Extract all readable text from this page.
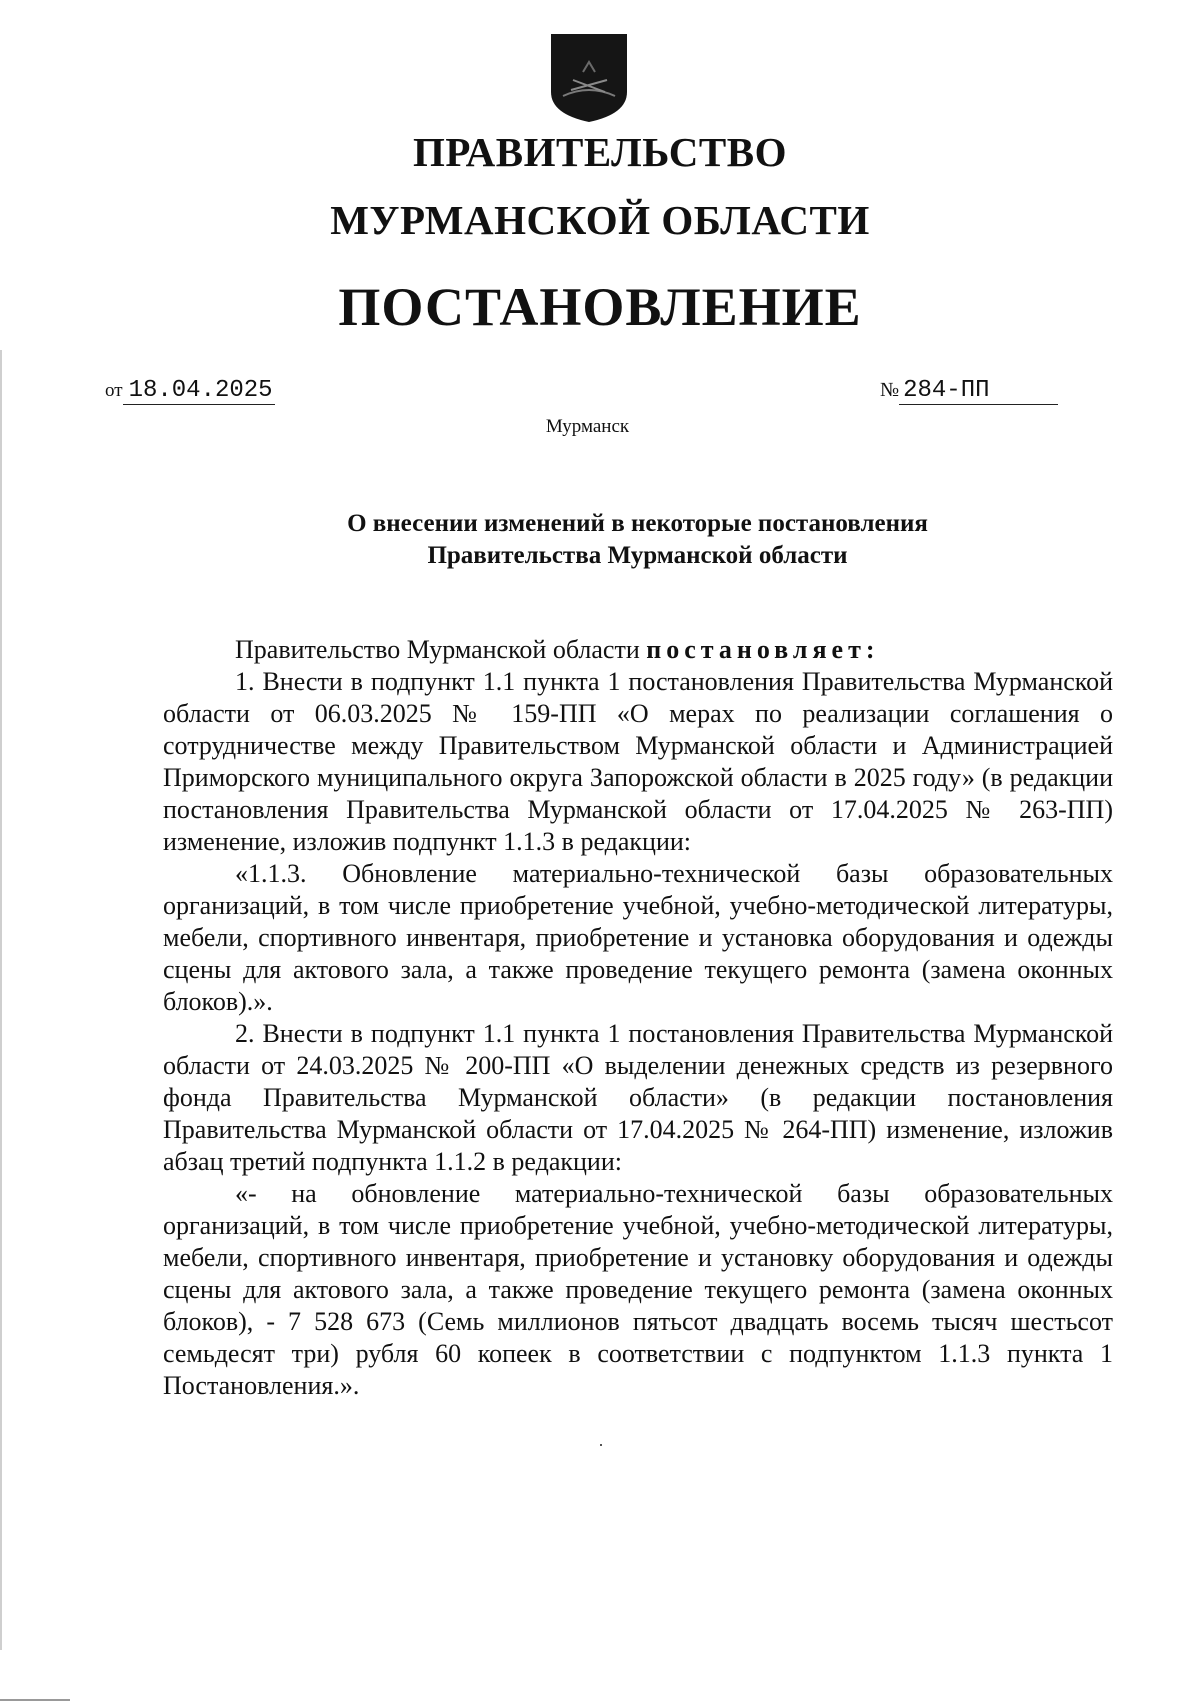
ПРАВИТЕЛЬСТВО
МУРМАНСКОЙ ОБЛАСТИ
ПОСТАНОВЛЕНИЕ
от 18.04.2025	№ 284-ПП
Мурманск
О внесении изменений в некоторые постановления
Правительства Мурманской области

Правительство Мурманской области постановляет:

1. Внести в подпункт 1.1 пункта 1 постановления Правительства Мурманской области от 06.03.2025 № 159-ПП «О мерах по реализации соглашения о сотрудничестве между Правительством Мурманской области и Администрацией Приморского муниципального округа Запорожской области в 2025 году» (в редакции постановления Правительства Мурманской области от 17.04.2025 № 263-ПП) изменение, изложив подпункт 1.1.3 в редакции:

«1.1.3. Обновление материально-технической базы образовательных организаций, в том числе приобретение учебной, учебно-методической литературы, мебели, спортивного инвентаря, приобретение и установка оборудования и одежды сцены для актового зала, а также проведение текущего ремонта (замена оконных блоков).».

2. Внести в подпункт 1.1 пункта 1 постановления Правительства Мурманской области от 24.03.2025 № 200-ПП «О выделении денежных средств из резервного фонда Правительства Мурманской области» (в редакции постановления Правительства Мурманской области от 17.04.2025 № 264-ПП) изменение, изложив абзац третий подпункта 1.1.2 в редакции:

«- на обновление материально-технической базы образовательных организаций, в том числе приобретение учебной, учебно-методической литературы, мебели, спортивного инвентаря, приобретение и установку оборудования и одежды сцены для актового зала, а также проведение текущего ремонта (замена оконных блоков), - 7 528 673 (Семь миллионов пятьсот двадцать восемь тысяч шестьсот семьдесят три) рубля 60 копеек в соответствии с подпунктом 1.1.3 пункта 1 Постановления.».
